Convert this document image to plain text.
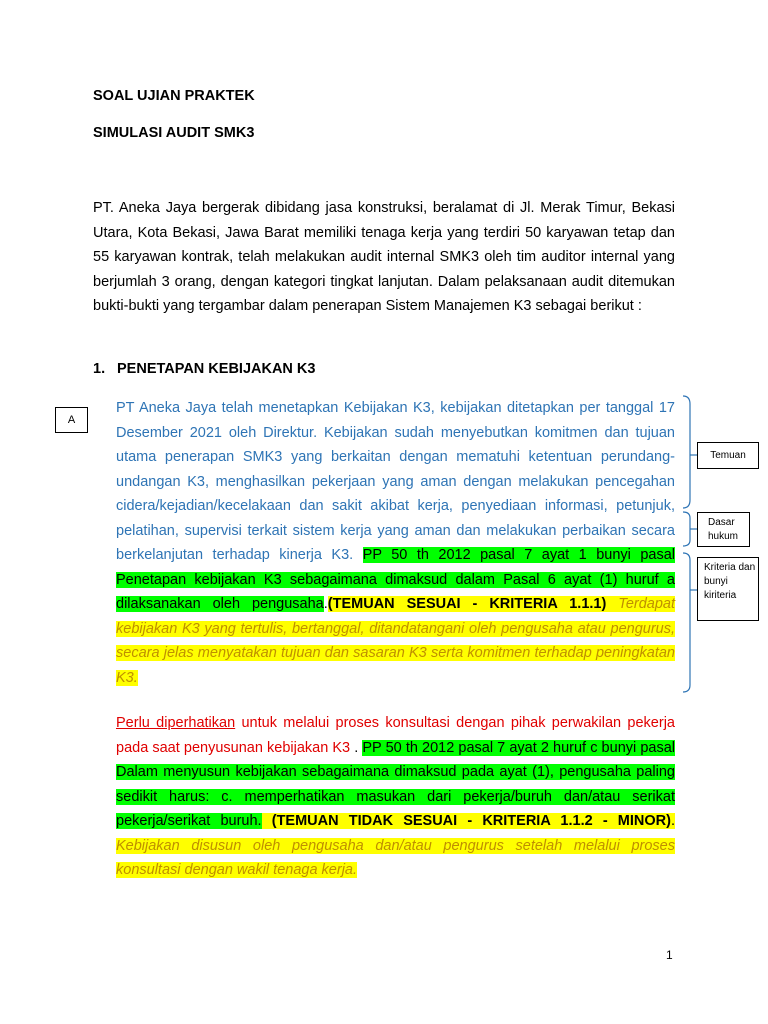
SOAL UJIAN PRAKTEK

SIMULASI AUDIT SMK3

PT. Aneka Jaya bergerak dibidang jasa konstruksi, beralamat di Jl. Merak Timur, Bekasi Utara, Kota Bekasi, Jawa Barat memiliki tenaga kerja yang terdiri 50 karyawan tetap dan 55 karyawan kontrak, telah melakukan audit internal SMK3 oleh tim auditor internal yang berjumlah 3 orang, dengan kategori tingkat lanjutan. Dalam pelaksanaan audit ditemukan bukti-bukti yang tergambar dalam penerapan Sistem Manajemen K3 sebagai berikut :

1. PENETAPAN KEBIJAKAN K3

PT Aneka Jaya telah menetapkan Kebijakan K3, kebijakan ditetapkan per tanggal 17 Desember 2021 oleh Direktur. Kebijakan sudah menyebutkan komitmen dan tujuan utama penerapan SMK3 yang berkaitan dengan mematuhi ketentuan perundang-undangan K3, menghasilkan pekerjaan yang aman dengan melakukan pencegahan cidera/kejadian/kecelakaan dan sakit akibat kerja, penyediaan informasi, petunjuk, pelatihan, supervisi terkait sistem kerja yang aman dan melakukan perbaikan secara berkelanjutan terhadap kinerja K3. PP 50 th 2012 pasal 7 ayat 1 bunyi pasal Penetapan kebijakan K3 sebagaimana dimaksud dalam Pasal 6 ayat (1) huruf a dilaksanakan oleh pengusaha.(TEMUAN SESUAI - KRITERIA 1.1.1) Terdapat kebijakan K3 yang tertulis, bertanggal, ditandatangani oleh pengusaha atau pengurus, secara jelas menyatakan tujuan dan sasaran K3 serta komitmen terhadap peningkatan K3.

Perlu diperhatikan untuk melalui proses konsultasi dengan pihak perwakilan pekerja pada saat penyusunan kebijakan K3 . PP 50 th 2012 pasal 7 ayat 2 huruf c bunyi pasal Dalam menyusun kebijakan sebagaimana dimaksud pada ayat (1), pengusaha paling sedikit harus: c. memperhatikan masukan dari pekerja/buruh dan/atau serikat pekerja/serikat buruh. (TEMUAN TIDAK SESUAI - KRITERIA 1.1.2 - MINOR). Kebijakan disusun oleh pengusaha dan/atau pengurus setelah melalui proses konsultasi dengan wakil tenaga kerja.

A
Temuan
Dasar hukum
Kriteria dan bunyi kiriteria

1
